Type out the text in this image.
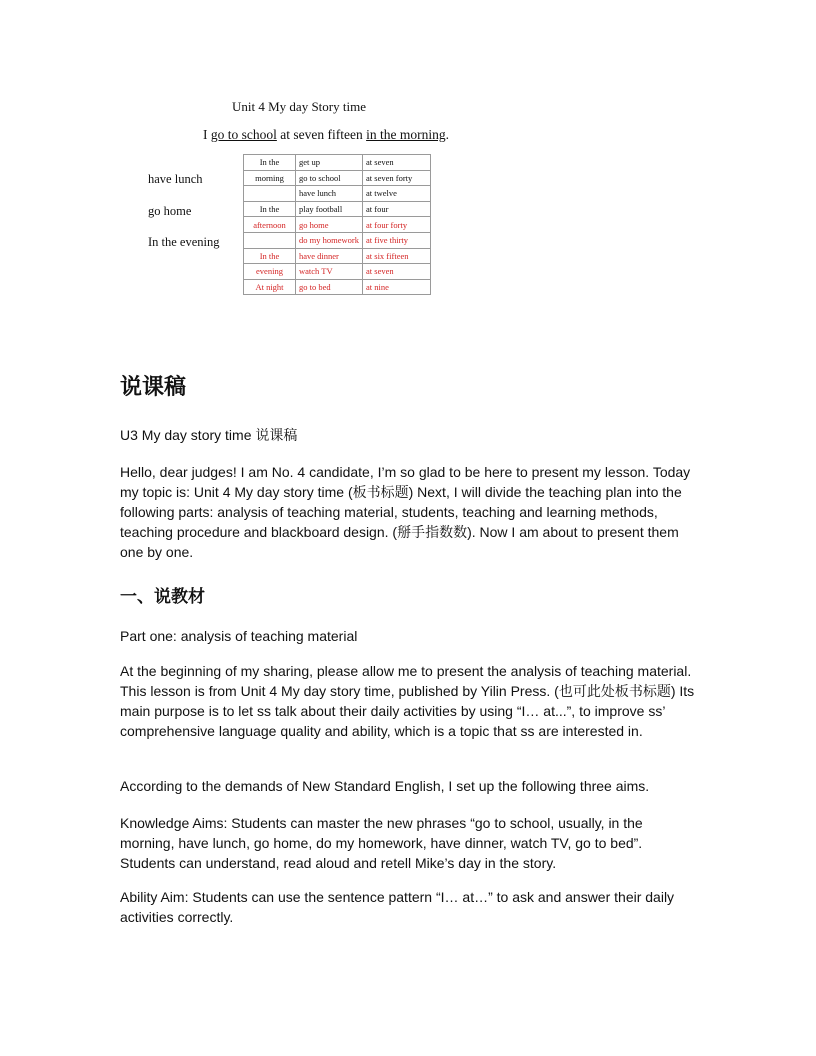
Unit 4 My day Story time
I go to school at seven fifteen in the morning.
have lunch
go home
In the evening
In the	get up	at seven
morning	go to school	at seven forty
	have lunch	at twelve
In the	play football	at four
afternoon	go home	at four forty
	do my homework	at five thirty
In the	have dinner	at six fifteen
evening	watch TV	at seven
At night	go to bed	at nine
说课稿

U3 My day story time 说课稿

Hello, dear judges! I am No. 4 candidate, I’m so glad to be here to present my lesson. Today my topic is: Unit 4 My day story time (板书标题) Next, I will divide the teaching plan into the following parts: analysis of teaching material, students, teaching and learning methods, teaching procedure and blackboard design. (掰手指数数). Now I am about to present them one by one.

一、说教材

Part one: analysis of teaching material

At the beginning of my sharing, please allow me to present the analysis of teaching material. This lesson is from Unit 4 My day story time, published by Yilin Press. (也可此处板书标题) Its main purpose is to let ss talk about their daily activities by using “I… at...”, to improve ss’ comprehensive language quality and ability, which is a topic that ss are interested in.

According to the demands of New Standard English, I set up the following three aims.

Knowledge Aims: Students can master the new phrases “go to school, usually, in the morning, have lunch, go home, do my homework, have dinner, watch TV, go to bed”. Students can understand, read aloud and retell Mike’s day in the story.

Ability Aim: Students can use the sentence pattern “I… at…” to ask and answer their daily activities correctly.
